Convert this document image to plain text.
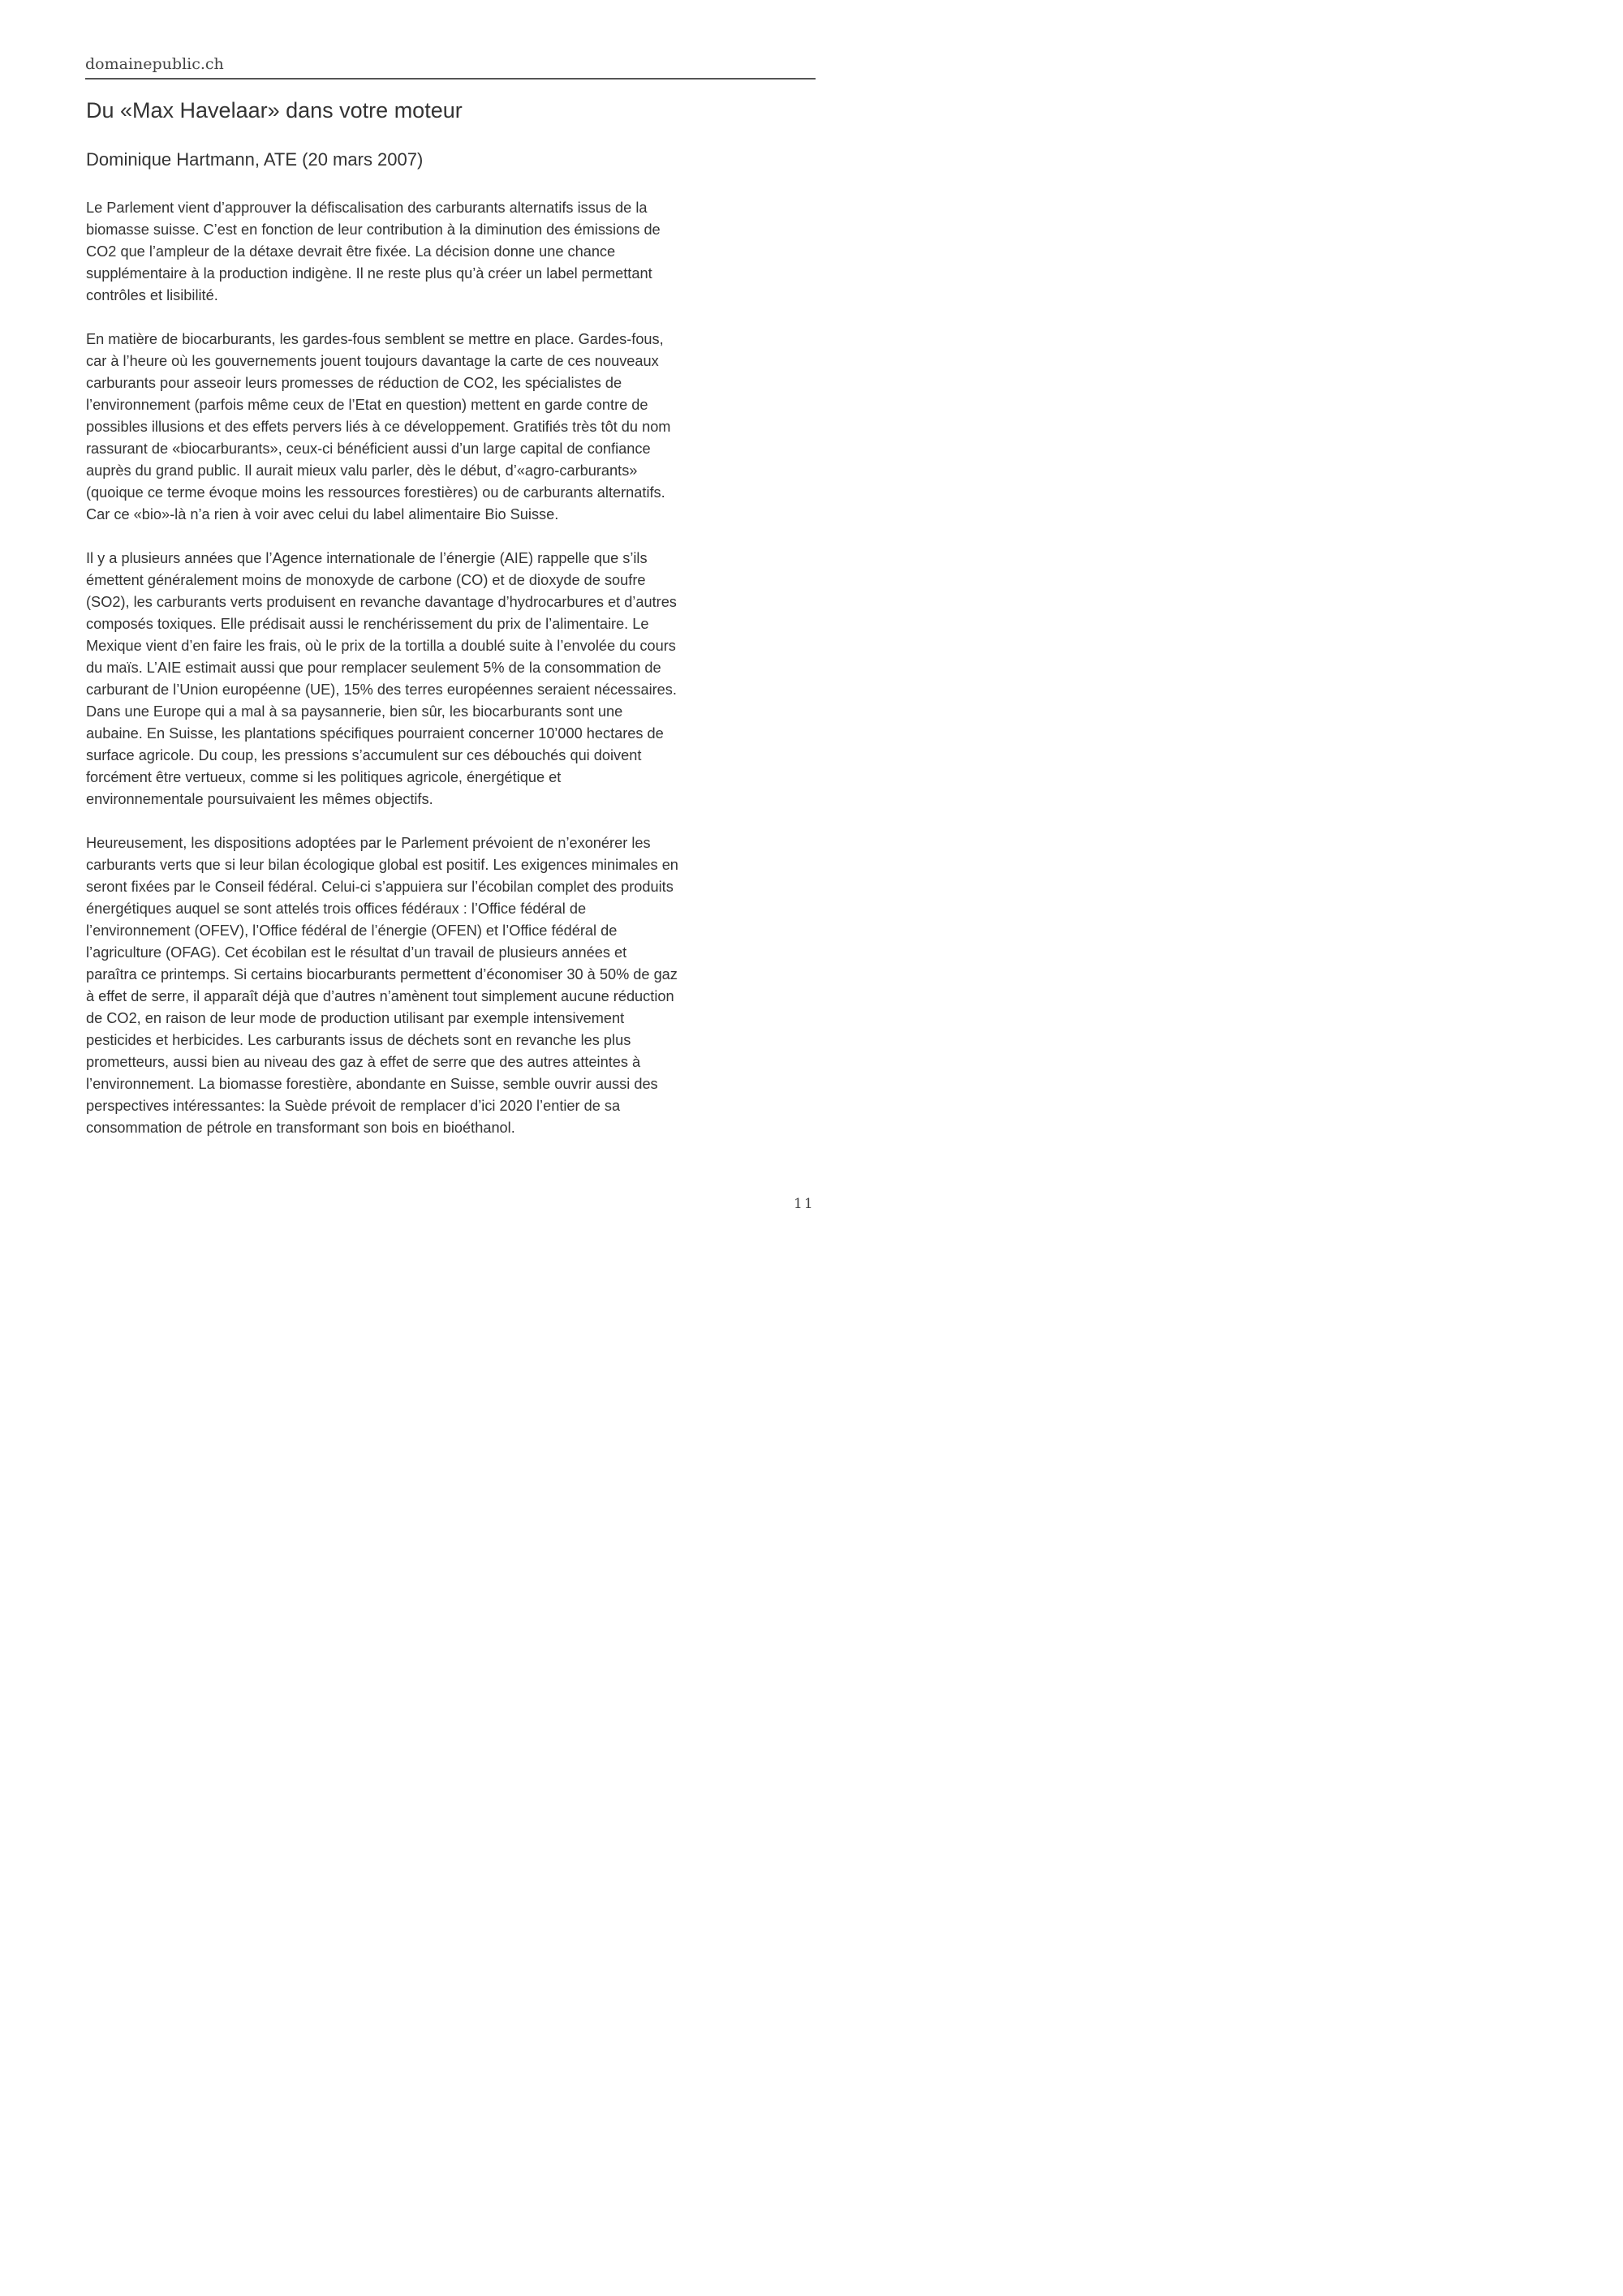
domainepublic.ch
Du «Max Havelaar» dans votre moteur
Dominique Hartmann, ATE (20 mars 2007)

Le Parlement vient d’approuver la défiscalisation des carburants alternatifs issus de la
biomasse suisse. C’est en fonction de leur contribution à la diminution des émissions de
CO2 que l’ampleur de la détaxe devrait être fixée. La décision donne une chance
supplémentaire à la production indigène. Il ne reste plus qu’à créer un label permettant
contrôles et lisibilité.

En matière de biocarburants, les gardes-fous semblent se mettre en place. Gardes-fous,
car à l’heure où les gouvernements jouent toujours davantage la carte de ces nouveaux
carburants pour asseoir leurs promesses de réduction de CO2, les spécialistes de
l’environnement (parfois même ceux de l’Etat en question) mettent en garde contre de
possibles illusions et des effets pervers liés à ce développement. Gratifiés très tôt du nom
rassurant de «biocarburants», ceux-ci bénéficient aussi d’un large capital de confiance
auprès du grand public. Il aurait mieux valu parler, dès le début, d’«agro-carburants»
(quoique ce terme évoque moins les ressources forestières) ou de carburants alternatifs.
Car ce «bio»-là n’a rien à voir avec celui du label alimentaire Bio Suisse.

Il y a plusieurs années que l’Agence internationale de l’énergie (AIE) rappelle que s’ils
émettent généralement moins de monoxyde de carbone (CO) et de dioxyde de soufre
(SO2), les carburants verts produisent en revanche davantage d’hydrocarbures et d’autres
composés toxiques. Elle prédisait aussi le renchérissement du prix de l’alimentaire. Le
Mexique vient d’en faire les frais, où le prix de la tortilla a doublé suite à l’envolée du cours
du maïs. L’AIE estimait aussi que pour remplacer seulement 5% de la consommation de
carburant de l’Union européenne (UE), 15% des terres européennes seraient nécessaires.
Dans une Europe qui a mal à sa paysannerie, bien sûr, les biocarburants sont une
aubaine. En Suisse, les plantations spécifiques pourraient concerner 10’000 hectares de
surface agricole. Du coup, les pressions s’accumulent sur ces débouchés qui doivent
forcément être vertueux, comme si les politiques agricole, énergétique et
environnementale poursuivaient les mêmes objectifs.

Heureusement, les dispositions adoptées par le Parlement prévoient de n’exonérer les
carburants verts que si leur bilan écologique global est positif. Les exigences minimales en
seront fixées par le Conseil fédéral. Celui-ci s’appuiera sur l’écobilan complet des produits
énergétiques auquel se sont attelés trois offices fédéraux : l’Office fédéral de
l’environnement (OFEV), l’Office fédéral de l’énergie (OFEN) et l’Office fédéral de
l’agriculture (OFAG). Cet écobilan est le résultat d’un travail de plusieurs années et
paraîtra ce printemps. Si certains biocarburants permettent d’économiser 30 à 50% de gaz
à effet de serre, il apparaît déjà que d’autres n’amènent tout simplement aucune réduction
de CO2, en raison de leur mode de production utilisant par exemple intensivement
pesticides et herbicides. Les carburants issus de déchets sont en revanche les plus
prometteurs, aussi bien au niveau des gaz à effet de serre que des autres atteintes à
l’environnement. La biomasse forestière, abondante en Suisse, semble ouvrir aussi des
perspectives intéressantes: la Suède prévoit de remplacer d’ici 2020 l’entier de sa
consommation de pétrole en transformant son bois en bioéthanol.

11
